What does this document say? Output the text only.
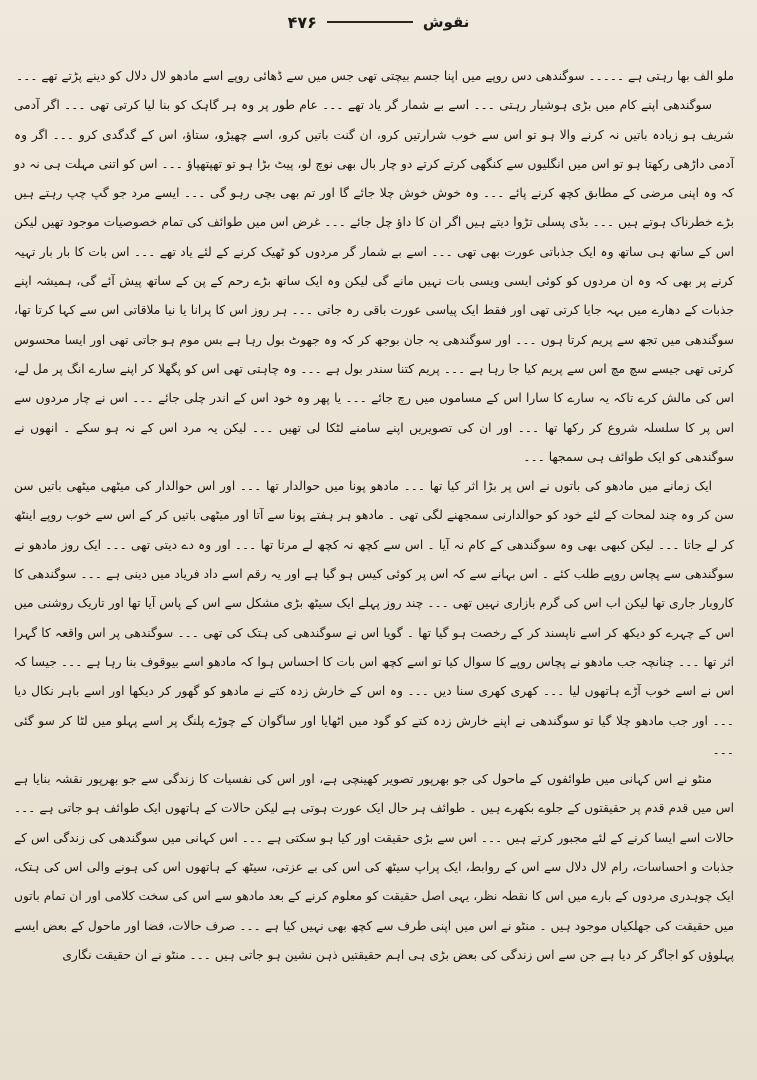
نقوش
۴۷۶

ملو الف بھا رہتی ہے ۔۔۔۔۔ سوگندھی دس روپے میں اپنا جسم بیچتی تھی جس میں سے ڈھائی روپے اسے مادھو لال دلال کو دینے پڑتے تھے ۔۔۔

سوگندھی اپنے کام میں بڑی ہوشیار رہتی ۔۔۔ اسے بے شمار گر یاد تھے ۔۔۔ عام طور پر وہ ہر گاہک کو بنا لیا کرتی تھی ۔۔۔ اگر آدمی شریف ہو زیادہ باتیں نہ کرنے والا ہو تو اس سے خوب شرارتیں کرو، ان گنت باتیں کرو، اسے چھیڑو، ستاؤ، اس کے گدگدی کرو ۔۔۔ اگر وہ آدمی داڑھی رکھتا ہو تو اس میں انگلیوں سے کنگھی کرتے کرتے دو چار بال بھی نوچ لو، پیٹ بڑا ہو تو تھپتھپاؤ ۔۔۔ اس کو اتنی مہلت ہی نہ دو کہ وہ اپنی مرضی کے مطابق کچھ کرنے پائے ۔۔۔ وہ خوش خوش چلا جائے گا اور تم بھی بچی رہو گی ۔۔۔ ایسے مرد جو گپ چپ رہتے ہیں بڑے خطرناک ہوتے ہیں ۔۔۔ بڈی پسلی تڑوا دیتے ہیں اگر ان کا داؤ چل جائے ۔۔۔ غرض اس میں طوائف کی تمام خصوصیات موجود تھیں لیکن اس کے ساتھ ہی ساتھ وہ ایک جذباتی عورت بھی تھی ۔۔۔ اسے بے شمار گر مردوں کو ٹھیک کرنے کے لئے یاد تھے ۔۔۔ اس بات کا بار بار تہیہ کرنے پر بھی کہ وہ ان مردوں کو کوئی ایسی ویسی بات نہیں مانے گی لیکن وہ ایک ساتھ بڑے رحم کے پن کے ساتھ پیش آئے گی، ہمیشہ اپنے جذبات کے دھارے میں بہہ جایا کرتی تھی اور فقط ایک پیاسی عورت باقی رہ جاتی ۔۔۔ ہر روز اس کا پرانا یا نیا ملاقاتی اس سے کہا کرتا تھا، سوگندھی میں تجھ سے پریم کرتا ہوں ۔۔۔ اور سوگندھی یہ جان بوجھ کر کہ وہ جھوٹ بول رہا ہے بس موم ہو جاتی تھی اور ایسا محسوس کرتی تھی جیسے سچ مچ اس سے پریم کیا جا رہا ہے ۔۔۔ پریم کتنا سندر بول ہے ۔۔۔ وہ چاہتی تھی اس کو پگھلا کر اپنے سارے انگ پر مل لے، اس کی مالش کرے تاکہ یہ سارے کا سارا اس کے مساموں میں رچ جائے ۔۔۔ یا پھر وہ خود اس کے اندر چلی جائے ۔۔۔ اس نے چار مردوں سے اس پر کا سلسلہ شروع کر رکھا تھا ۔۔۔ اور ان کی تصویریں اپنے سامنے لٹکا لی تھیں ۔۔۔ لیکن یہ مرد اس کے نہ ہو سکے ۔ انھوں نے سوگندھی کو ایک طوائف ہی سمجھا ۔۔۔

ایک زمانے میں مادھو کی باتوں نے اس پر بڑا اثر کیا تھا ۔۔۔ مادھو پونا میں حوالدار تھا ۔۔۔ اور اس حوالدار کی میٹھی میٹھی باتیں سن سن کر وہ چند لمحات کے لئے خود کو حوالدارنی سمجھنے لگی تھی ۔ مادھو ہر ہفتے پونا سے آتا اور میٹھی باتیں کر کے اس سے خوب روپے اینٹھ کر لے جاتا ۔۔۔ لیکن کبھی بھی وہ سوگندھی کے کام نہ آیا ۔ اس سے کچھ نہ کچھ لے مرتا تھا ۔۔۔ اور وہ دے دیتی تھی ۔۔۔ ایک روز مادھو نے سوگندھی سے پچاس روپے طلب کئے ۔ اس بہانے سے کہ اس پر کوئی کیس ہو گیا ہے اور یہ رقم اسے داد فریاد میں دینی ہے ۔۔۔ سوگندھی کا کاروبار جاری تھا لیکن اب اس کی گرم بازاری نہیں تھی ۔۔۔ چند روز پہلے ایک سیٹھ بڑی مشکل سے اس کے پاس آیا تھا اور تاریک روشنی میں اس کے چہرے کو دیکھ کر اسے ناپسند کر کے رخصت ہو گیا تھا ۔ گویا اس نے سوگندھی کی ہتک کی تھی ۔۔۔ سوگندھی پر اس واقعہ کا گہرا اثر تھا ۔۔۔ چنانچہ جب مادھو نے پچاس روپے کا سوال کیا تو اسے کچھ اس بات کا احساس ہوا کہ مادھو اسے بیوقوف بنا رہا ہے ۔۔۔ جیسا کہ اس نے اسے خوب آڑے ہاتھوں لیا ۔۔۔ کھری کھری سنا دیں ۔۔۔ وہ اس کے خارش زدہ کتے نے مادھو کو گھور کر دیکھا اور اسے باہر نکال دیا ۔۔۔ اور جب مادھو چلا گیا تو سوگندھی نے اپنے خارش زدہ کتے کو گود میں اٹھایا اور ساگوان کے چوڑے پلنگ پر اسے پہلو میں لٹا کر سو گئی ۔۔۔

منٹو نے اس کہانی میں طوائفوں کے ماحول کی جو بھرپور تصویر کھینچی ہے، اور اس کی نفسیات کا زندگی سے جو بھرپور نقشہ بنایا ہے اس میں قدم قدم پر حقیقتوں کے جلوے بکھرے ہیں ۔ طوائف ہر حال ایک عورت ہوتی ہے لیکن حالات کے ہاتھوں ایک طوائف ہو جاتی ہے ۔۔۔ حالات اسے ایسا کرنے کے لئے مجبور کرتے ہیں ۔۔۔ اس سے بڑی حقیقت اور کیا ہو سکتی ہے ۔۔۔ اس کہانی میں سوگندھی کی زندگی اس کے جذبات و احساسات، رام لال دلال سے اس کے روابط، ایک پراپ سیٹھ کی اس کی بے عزتی، سیٹھ کے ہاتھوں اس کی ہونے والی اس کی ہتک، ایک چوہدری مردوں کے بارے میں اس کا نقطہ نظر، یہی اصل حقیقت کو معلوم کرنے کے بعد مادھو سے اس کی سخت کلامی اور ان تمام باتوں میں حقیقت کی جھلکیاں موجود ہیں ۔ منٹو نے اس میں اپنی طرف سے کچھ بھی نہیں کیا ہے ۔۔۔ صرف حالات، فضا اور ماحول کے بعض ایسے پہلوؤں کو اجاگر کر دیا ہے جن سے اس زندگی کی بعض بڑی ہی اہم حقیقتیں ذہن نشین ہو جاتی ہیں ۔۔۔ منٹو نے ان حقیقت نگاری
